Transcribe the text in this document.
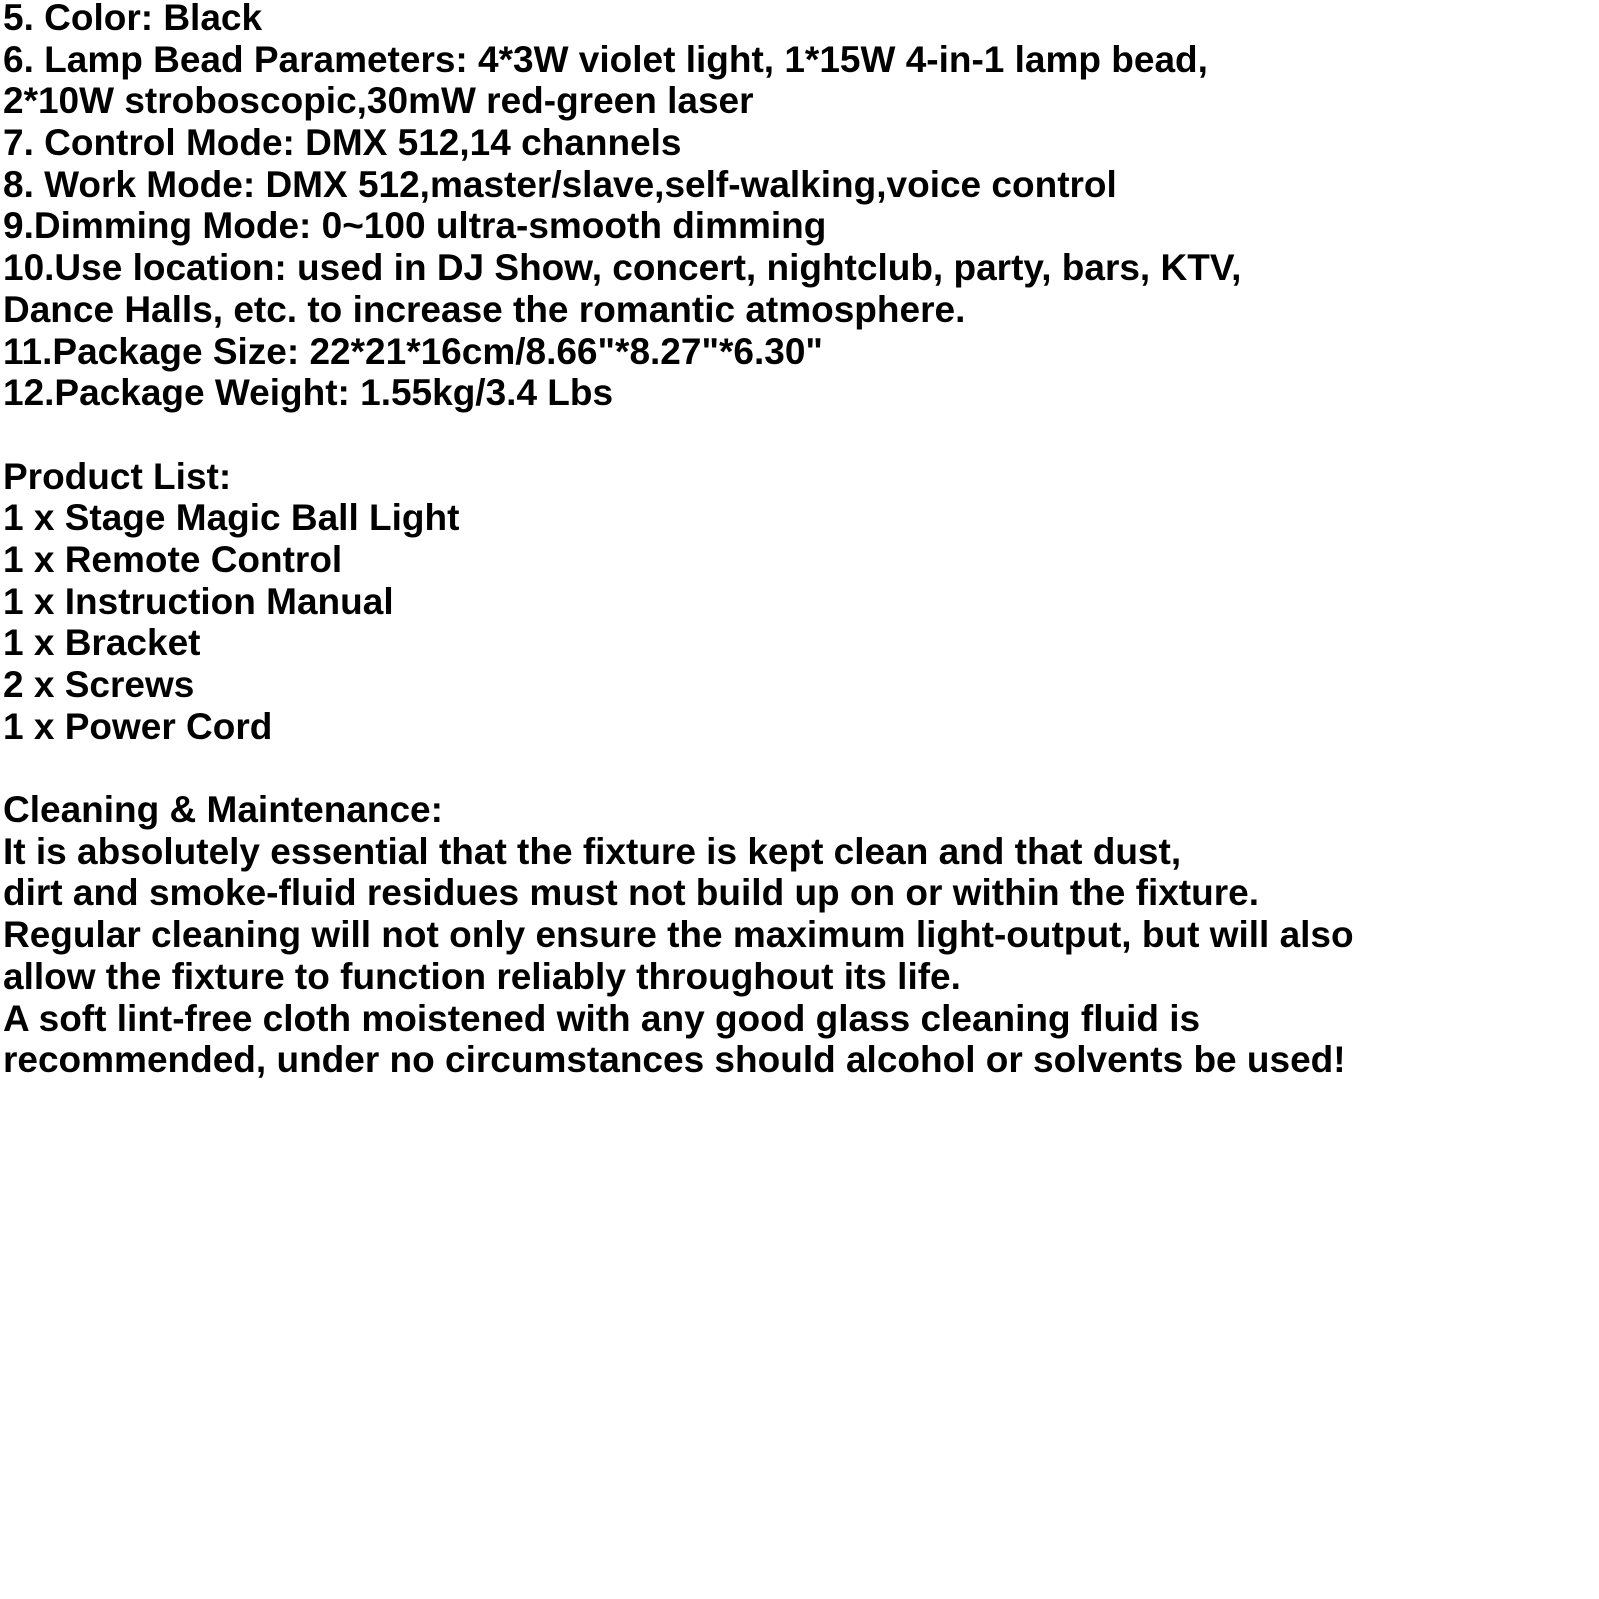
5. Color: Black
6. Lamp Bead Parameters: 4*3W violet light, 1*15W 4-in-1 lamp bead,
2*10W stroboscopic,30mW red-green laser
7. Control Mode: DMX 512,14 channels
8. Work Mode: DMX 512,master/slave,self-walking,voice control
9.Dimming Mode: 0~100 ultra-smooth dimming
10.Use location: used in DJ Show, concert, nightclub, party, bars, KTV,
Dance Halls, etc. to increase the romantic atmosphere.
11.Package Size: 22*21*16cm/8.66"*8.27"*6.30"
12.Package Weight: 1.55kg/3.4 Lbs
Product List:
1 x Stage Magic Ball Light
1 x Remote Control
1 x Instruction Manual
1 x Bracket
2 x Screws
1 x Power Cord
Cleaning & Maintenance:
It is absolutely essential that the fixture is kept clean and that dust,
dirt and smoke-fluid residues must not build up on or within the fixture.
Regular cleaning will not only ensure the maximum light-output, but will also
allow the fixture to function reliably throughout its life.
A soft lint-free cloth moistened with any good glass cleaning fluid is
recommended, under no circumstances should alcohol or solvents be used!
